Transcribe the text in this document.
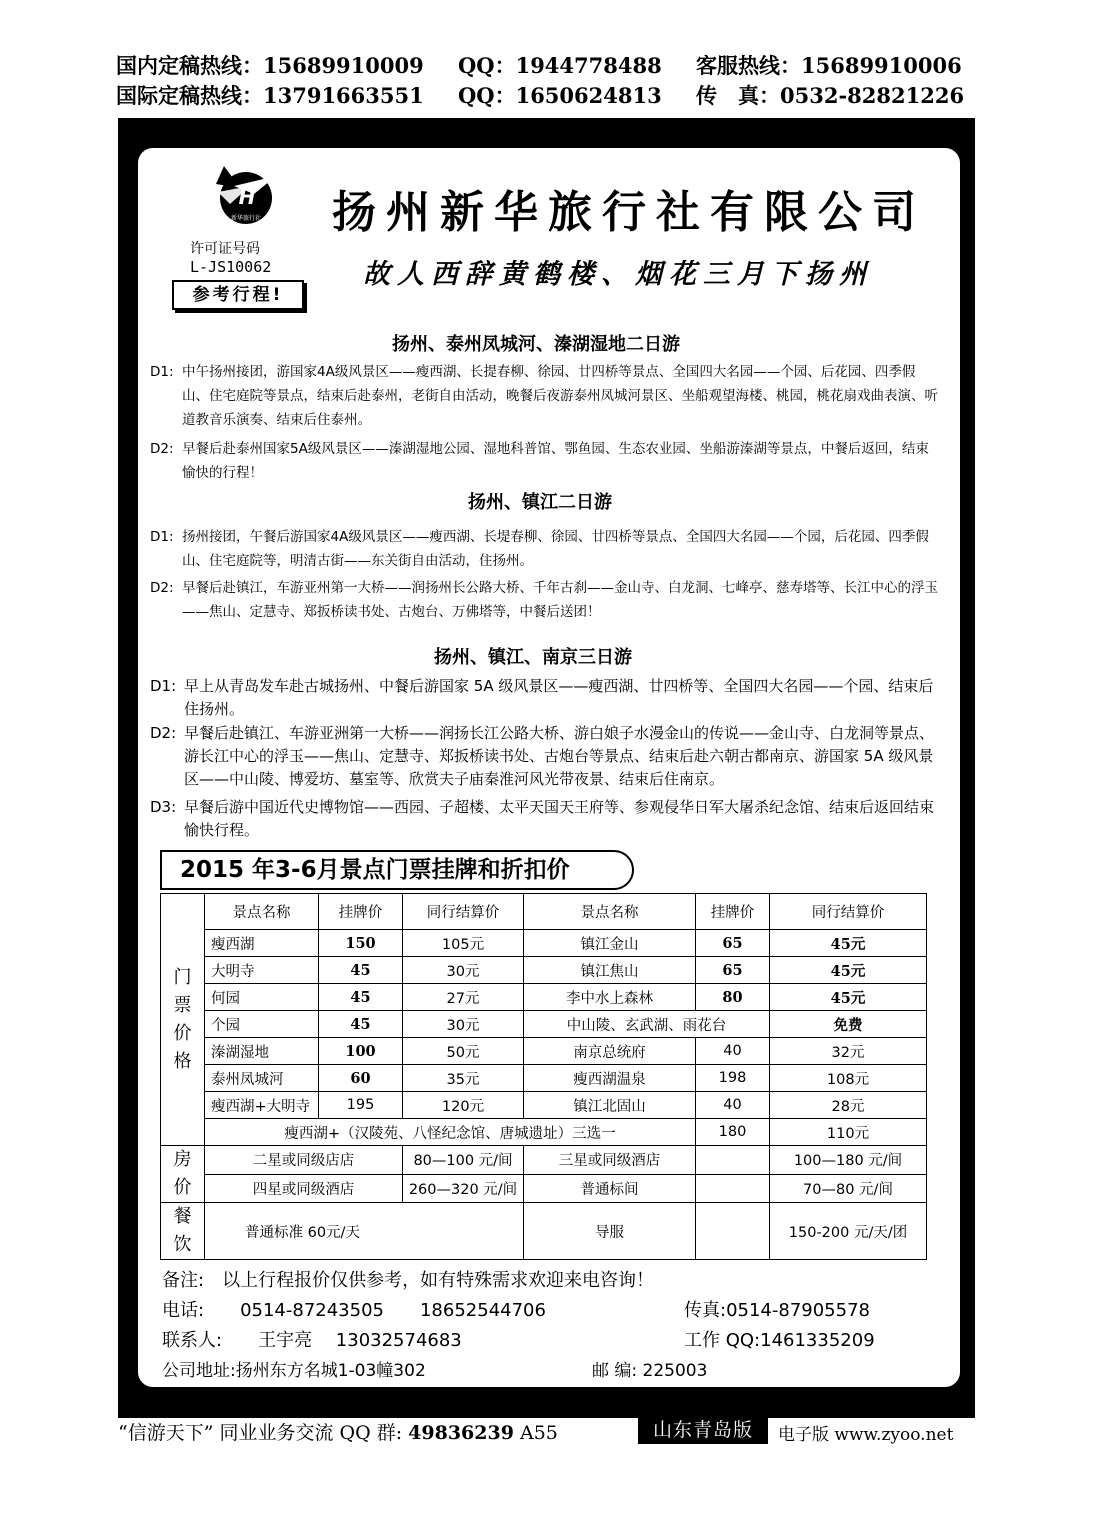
国内定稿热线：15689910009 QQ：1944778488 客服热线：15689910006
国际定稿热线：13791663551 QQ：1650624813 传　真：0532-82821226
H
新华旅行社
许可证号码
L-JS10062
参考行程!
扬州新华旅行社有限公司
故人西辞黄鹤楼、烟花三月下扬州
扬州、泰州凤城河、溱湖湿地二日游
D1: 中午扬州接团，游国家4A级风景区——瘦西湖、长提春柳、徐园、廿四桥等景点、全国四大名园——个园、后花园、四季假山、住宅庭院等景点，结束后赴泰州，老街自由活动，晚餐后夜游泰州凤城河景区、坐船观望海楼、桃园，桃花扇戏曲表演、听道教音乐演奏、结束后住泰州。
D2: 早餐后赴泰州国家5A级风景区——溱湖湿地公园、湿地科普馆、鄂鱼园、生态农业园、坐船游溱湖等景点，中餐后返回，结束愉快的行程！
扬州、镇江二日游
D1: 扬州接团，午餐后游国家4A级风景区——瘦西湖、长堤春柳、徐园、廿四桥等景点、全国四大名园——个园，后花园、四季假山、住宅庭院等，明清古街——东关街自由活动，住扬州。
D2: 早餐后赴镇江，车游亚州第一大桥——润扬州长公路大桥、千年古刹——金山寺、白龙洞、七峰亭、慈寿塔等、长江中心的浮玉——焦山、定慧寺、郑扳桥读书处、古炮台、万佛塔等，中餐后送团！
扬州、镇江、南京三日游
D1: 早上从青岛发车赴古城扬州、中餐后游国家 5A 级风景区——瘦西湖、廿四桥等、全国四大名园——个园、结束后住扬州。
D2: 早餐后赴镇江、车游亚洲第一大桥——润扬长江公路大桥、游白娘子水漫金山的传说——金山寺、白龙洞等景点、游长江中心的浮玉——焦山、定慧寺、郑扳桥读书处、古炮台等景点、结束后赴六朝古都南京、游国家 5A 级风景区——中山陵、博爱坊、墓室等、欣赏夫子庙秦淮河风光带夜景、结束后住南京。
D3: 早餐后游中国近代史博物馆——西园、子超楼、太平天国天王府等、参观侵华日军大屠杀纪念馆、结束后返回结束愉快行程。
2015 年3-6月景点门票挂牌和折扣价
门
票
价
格	景点名称	挂牌价	同行结算价	景点名称	挂牌价	同行结算价
	瘦西湖	150	105元	镇江金山	65	45元
	大明寺	45	30元	镇江焦山	65	45元
	何园	45	27元	李中水上森林	80	45元
	个园	45	30元	中山陵、玄武湖、雨花台		免费
	溱湖湿地	100	50元	南京总统府	40	32元
	泰州凤城河	60	35元	瘦西湖温泉	198	108元
	瘦西湖+大明寺	195	120元	镇江北固山	40	28元
	瘦西湖+（汉陵苑、八怪纪念馆、唐城遗址）三选一				180	110元
房
价	二星或同级店店		80—100 元/间	三星或同级酒店		100—180 元/间
	四星或同级酒店		260—320 元/间	普通标间		70—80 元/间
餐
饮	普通标准 60元/天			导服		150-200 元/天/团
备注:　以上行程报价仅供参考，如有特殊需求欢迎来电咨询！
电话:　　0514-87243505　　18652544706	传真:0514-87905578
联系人:　　王宇亮　 13032574683	工作 QQ:1461335209
公司地址:扬州东方名城1-03幢302	邮 编: 225003
“信游天下” 同业业务交流 QQ 群: 49836239 A55	山东青岛版	电子版 www.zyoo.net
